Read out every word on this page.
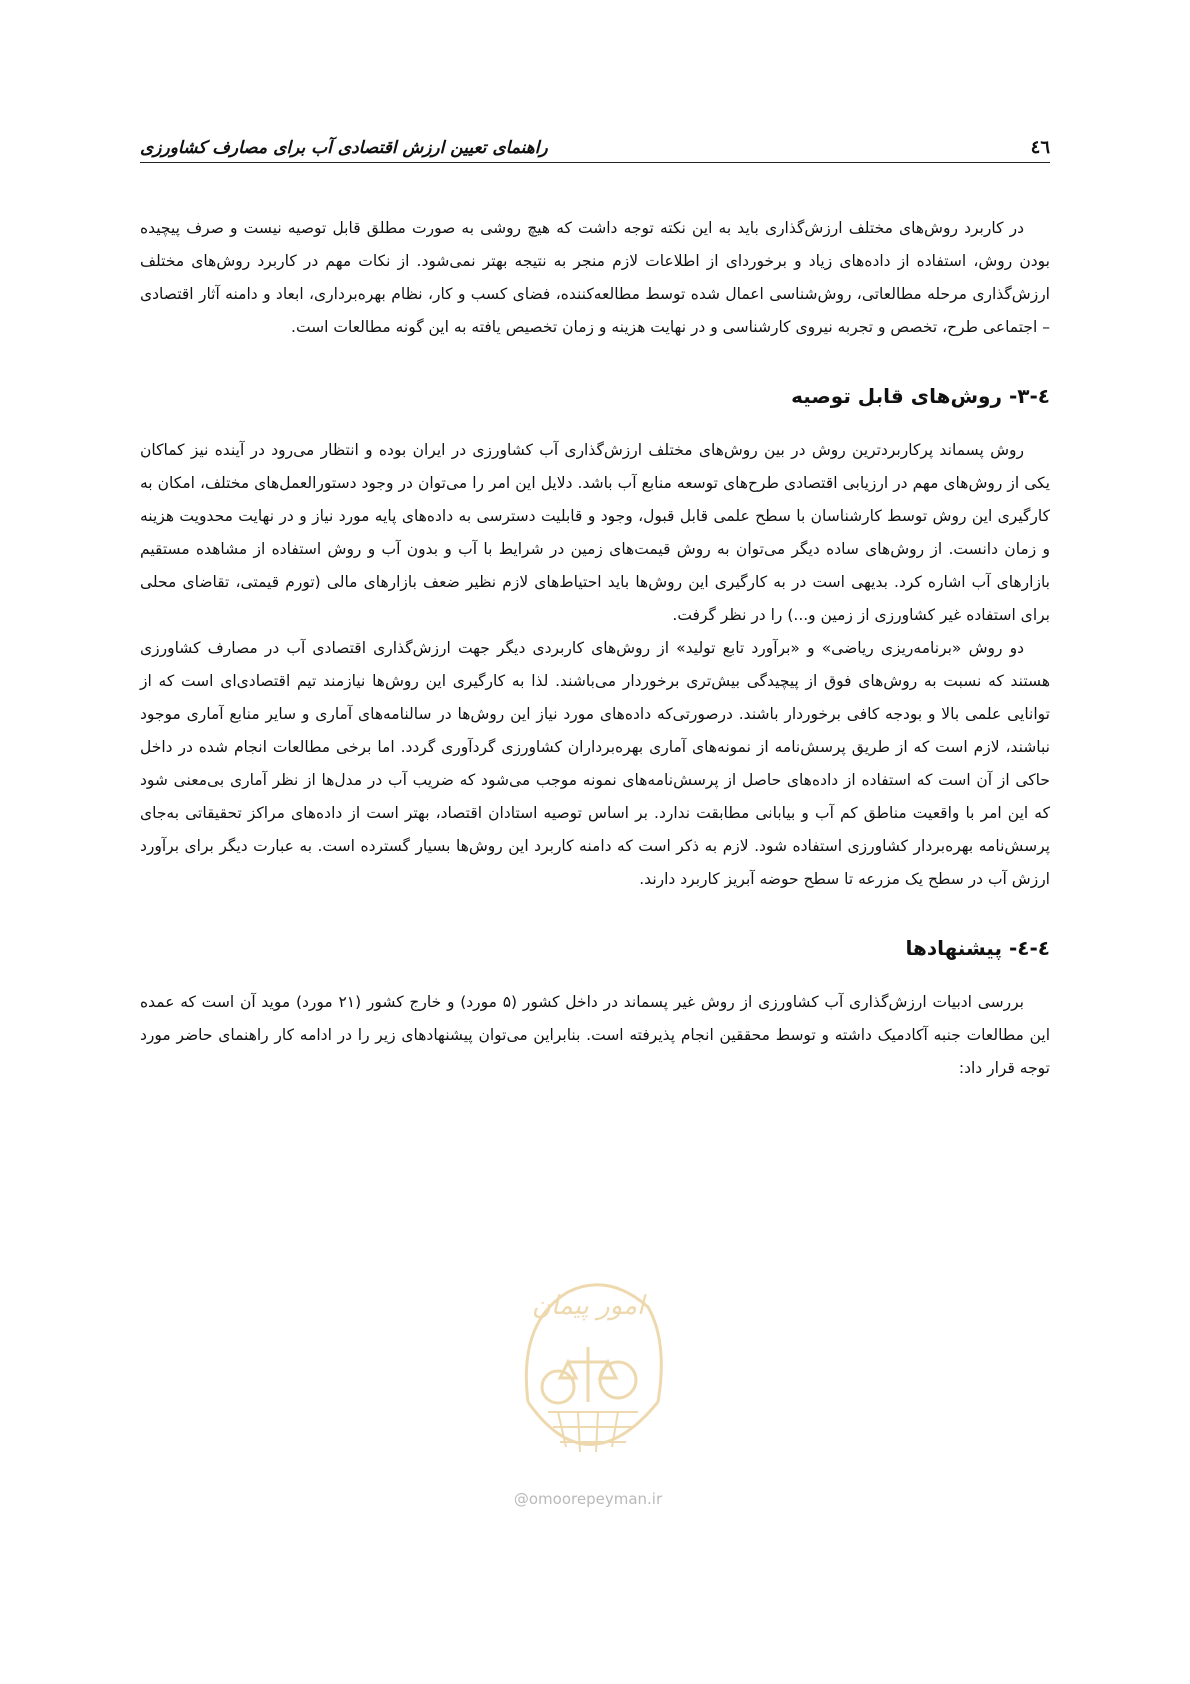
٤٦
راهنمای تعیین ارزش اقتصادی آب برای مصارف کشاورزی

در کاربرد روش‌های مختلف ارزش‌گذاری باید به این نکته توجه داشت که هیچ روشی به صورت مطلق قابل توصیه نیست و صرف پیچیده بودن روش، استفاده از داده‌های زیاد و برخوردای از اطلاعات لازم منجر به نتیجه بهتر نمی‌شود. از نکات مهم در کاربرد روش‌های مختلف ارزش‌گذاری مرحله مطالعاتی، روش‌شناسی اعمال شده توسط مطالعه‌کننده، فضای کسب و کار، نظام بهره‌برداری، ابعاد و دامنه آثار اقتصادی – اجتماعی طرح، تخصص و تجربه نیروی کارشناسی و در نهایت هزینه و زمان تخصیص یافته به این گونه مطالعات است.

٤-٣- روش‌های قابل توصیه

روش پسماند پرکاربردترین روش در بین روش‌های مختلف ارزش‌گذاری آب کشاورزی در ایران بوده و انتظار می‌رود در آینده نیز کماکان یکی از روش‌های مهم در ارزیابی اقتصادی طرح‌های توسعه منابع آب باشد. دلایل این امر را می‌توان در وجود دستورالعمل‌های مختلف، امکان به کارگیری این روش توسط کارشناسان با سطح علمی قابل قبول، وجود و قابلیت دسترسی به داده‌های پایه مورد نیاز و در نهایت محدویت هزینه و زمان دانست. از روش‌های ساده دیگر می‌توان به روش قیمت‌های زمین در شرایط با آب و بدون آب و روش استفاده از مشاهده مستقیم بازارهای آب اشاره کرد. بدیهی است در به کارگیری این روش‌ها باید احتیاط‌های لازم نظیر ضعف بازارهای مالی (تورم قیمتی، تقاضای محلی برای استفاده غیر کشاورزی از زمین و...) را در نظر گرفت.

دو روش «برنامه‌ریزی ریاضی» و «برآورد تابع تولید» از روش‌های کاربردی دیگر جهت ارزش‌گذاری اقتصادی آب در مصارف کشاورزی هستند که نسبت به روش‌های فوق از پیچیدگی بیش‌تری برخوردار می‌باشند. لذا به کارگیری این روش‌ها نیازمند تیم اقتصادی‌ای است که از توانایی علمی بالا و بودجه کافی برخوردار باشند. درصورتی‌که داده‌های مورد نیاز این روش‌ها در سالنامه‌های آماری و سایر منابع آماری موجود نباشند، لازم است که از طریق پرسش‌نامه از نمونه‌های آماری بهره‌برداران کشاورزی گردآوری گردد. اما برخی مطالعات انجام شده در داخل حاکی از آن است که استفاده از داده‌های حاصل از پرسش‌نامه‌های نمونه موجب می‌شود که ضریب آب در مدل‌ها از نظر آماری بی‌معنی شود که این امر با واقعیت مناطق کم آب و بیابانی مطابقت ندارد. بر اساس توصیه استادان اقتصاد، بهتر است از داده‌های مراکز تحقیقاتی به‌جای پرسش‌نامه بهره‌بردار کشاورزی استفاده شود. لازم به ذکر است که دامنه کاربرد این روش‌ها بسیار گسترده است. به عبارت دیگر برای برآورد ارزش آب در سطح یک مزرعه تا سطح حوضه آبریز کاربرد دارند.

٤-٤- پیشنهادها

بررسی ادبیات ارزش‌گذاری آب کشاورزی از روش غیر پسماند در داخل کشور (۵ مورد) و خارج کشور (۲۱ مورد) موید آن است که عمده این مطالعات جنبه آکادمیک داشته و توسط محققین انجام پذیرفته است. بنابراین می‌توان پیشنهادهای زیر را در ادامه کار راهنمای حاضر مورد توجه قرار داد:

امور پیمان
@omoorepeyman.ir
